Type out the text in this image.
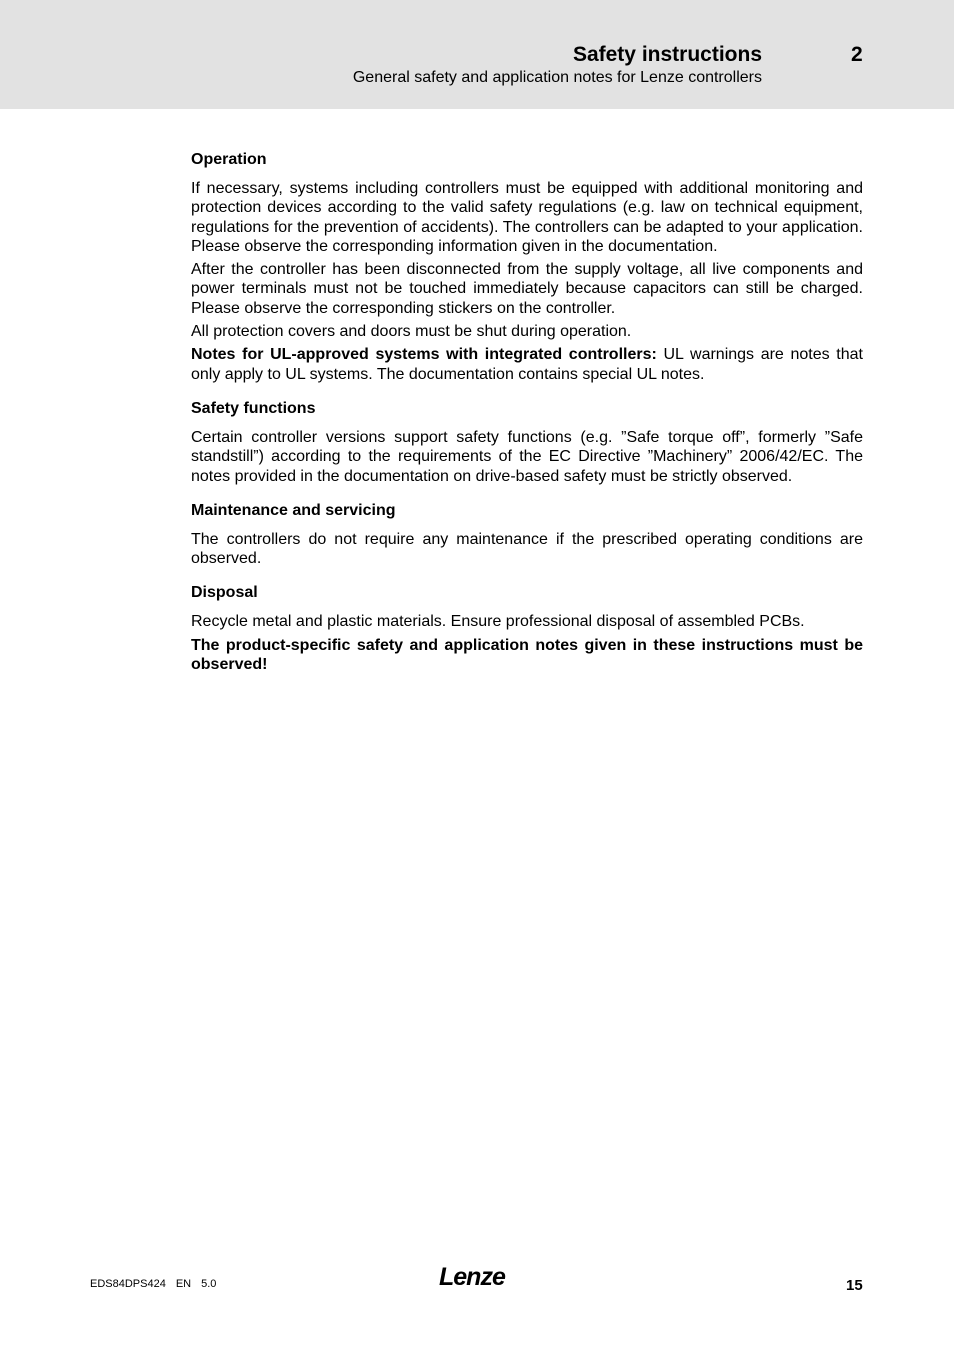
Safety instructions	2
General safety and application notes for Lenze controllers
Operation

If necessary, systems including controllers must be equipped with additional monitoring and protection devices according to the valid safety regulations (e.g. law on technical equipment, regulations for the prevention of accidents). The controllers can be adapted to your application. Please observe the corresponding information given in the documentation.

After the controller has been disconnected from the supply voltage, all live components and power terminals must not be touched immediately because capacitors can still be charged. Please observe the corresponding stickers on the controller.

All protection covers and doors must be shut during operation.

Notes for UL-approved systems with integrated controllers: UL warnings are notes that only apply to UL systems. The documentation contains special UL notes.

Safety functions

Certain controller versions support safety functions (e.g. ”Safe torque off”, formerly ”Safe standstill”) according to the requirements of the EC Directive ”Machinery” 2006/42/EC. The notes provided in the documentation on drive-based safety must be strictly observed.

Maintenance and servicing

The controllers do not require any maintenance if the prescribed operating conditions are observed.

Disposal

Recycle metal and plastic materials. Ensure professional disposal of assembled PCBs.

The product-specific safety and application notes given in these instructions must be observed!

EDS84DPS424 EN 5.0	Lenze	15
